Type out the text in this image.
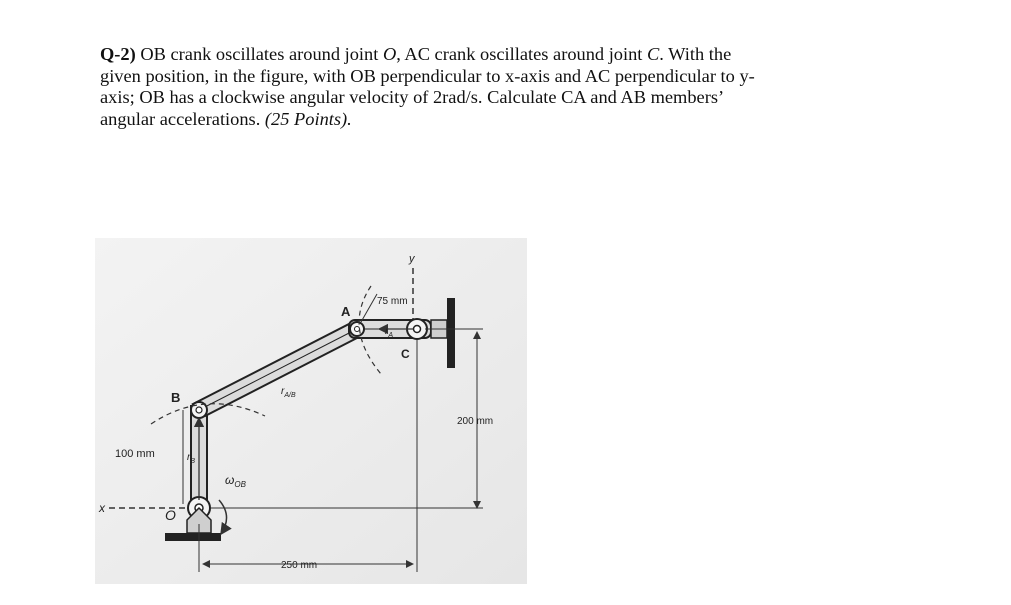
Q-2) OB crank oscillates around joint O, AC crank oscillates around joint C. With the
given position, in the figure, with OB perpendicular to x-axis and AC perpendicular to y-
axis; OB has a clockwise angular velocity of 2rad/s. Calculate CA and AB members’
angular accelerations. (25 Points).
A
B
C
O
x
y
75 mm
100 mm
200 mm
250 mm
$r_A$
$r_B$
$r_{A/B}$
$\omega_{OB}$
